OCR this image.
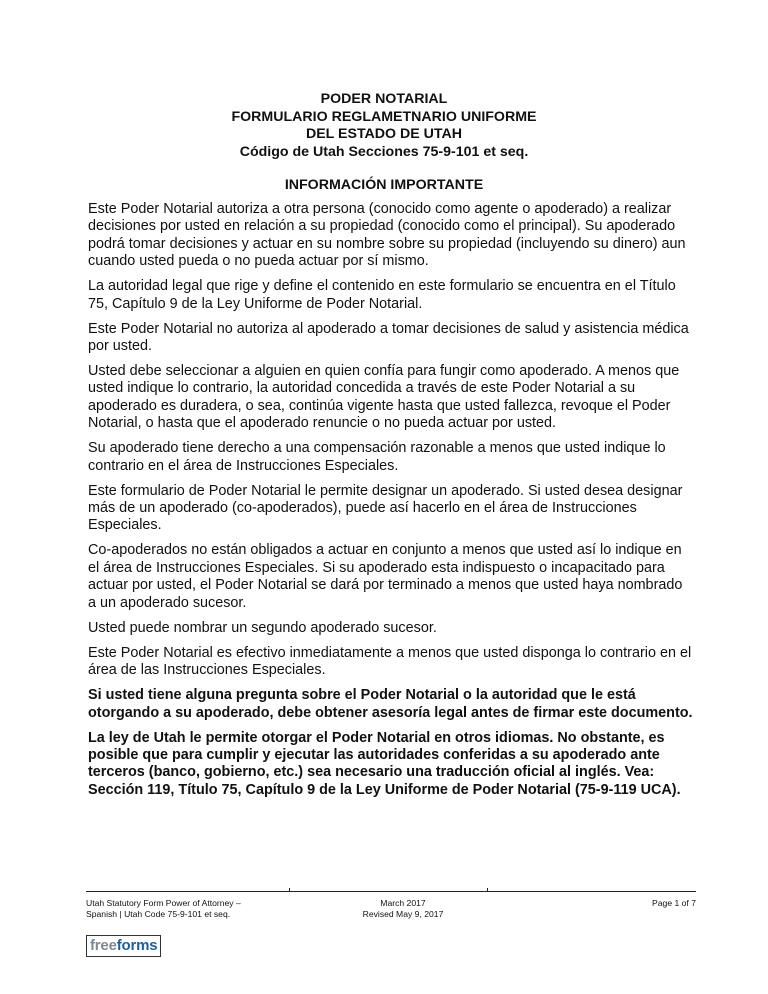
PODER NOTARIAL
FORMULARIO REGLAMETNARIO UNIFORME
DEL ESTADO DE UTAH
Código de Utah Secciones 75-9-101 et seq.
INFORMACIÓN IMPORTANTE

Este Poder Notarial autoriza a otra persona (conocido como agente o apoderado) a realizar decisiones por usted en relación a su propiedad (conocido como el principal). Su apoderado podrá tomar decisiones y actuar en su nombre sobre su propiedad (incluyendo su dinero) aun cuando usted pueda o no pueda actuar por sí mismo.

La autoridad legal que rige y define el contenido en este formulario se encuentra en el Título 75, Capítulo 9 de la Ley Uniforme de Poder Notarial.

Este Poder Notarial no autoriza al apoderado a tomar decisiones de salud y asistencia médica por usted.

Usted debe seleccionar a alguien en quien confía para fungir como apoderado. A menos que usted indique lo contrario, la autoridad concedida a través de este Poder Notarial a su apoderado es duradera, o sea, continúa vigente hasta que usted fallezca, revoque el Poder Notarial, o hasta que el apoderado renuncie o no pueda actuar por usted.

Su apoderado tiene derecho a una compensación razonable a menos que usted indique lo contrario en el área de Instrucciones Especiales.

Este formulario de Poder Notarial le permite designar un apoderado. Si usted desea designar más de un apoderado (co-apoderados), puede así hacerlo en el área de Instrucciones Especiales.

Co-apoderados no están obligados a actuar en conjunto a menos que usted así lo indique en el área de Instrucciones Especiales. Si su apoderado esta indispuesto o incapacitado para actuar por usted, el Poder Notarial se dará por terminado a menos que usted haya nombrado a un apoderado sucesor.

Usted puede nombrar un segundo apoderado sucesor.

Este Poder Notarial es efectivo inmediatamente a menos que usted disponga lo contrario en el área de las Instrucciones Especiales.

Si usted tiene alguna pregunta sobre el Poder Notarial o la autoridad que le está otorgando a su apoderado, debe obtener asesoría legal antes de firmar este documento.

La ley de Utah le permite otorgar el Poder Notarial en otros idiomas. No obstante, es posible que para cumplir y ejecutar las autoridades conferidas a su apoderado ante terceros (banco, gobierno, etc.) sea necesario una traducción oficial al inglés. Vea: Sección 119, Título 75, Capítulo 9 de la Ley Uniforme de Poder Notarial (75-9-119 UCA).

Utah Statutory Form Power of Attorney –
Spanish | Utah Code 75-9-101 et seq.
March 2017
Revised May 9, 2017
Page 1 of 7
freeforms
